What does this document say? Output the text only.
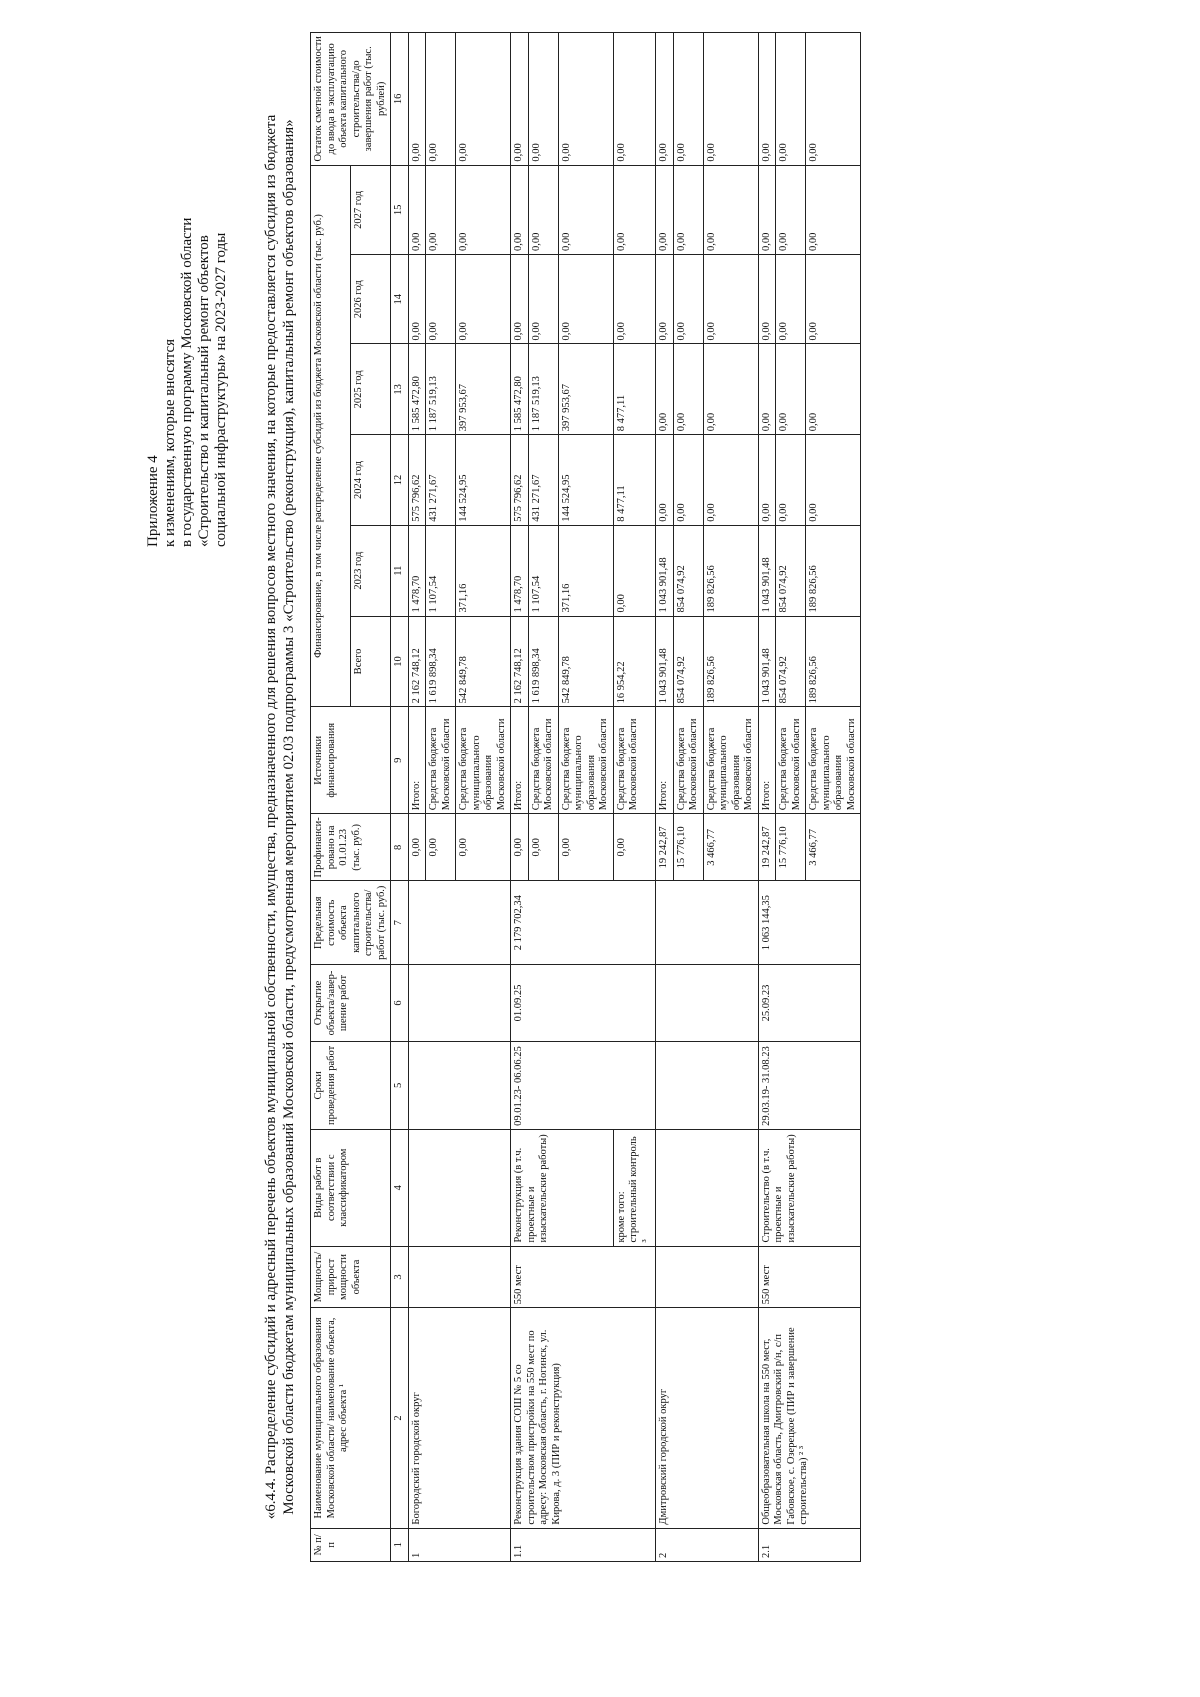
Приложение 4 к изменениям, которые вносятся в государственную программу Московской области «Строительство и капитальный ремонт объектов социальной инфраструктуры» на 2023-2027 годы «6.4.4. Распределение субсидий и адресный перечень объектов муниципальной собственности, имущества, предназначенного для решения вопросов местного значения, на которые предоставляется субсидия из бюджета Московской области бюджетам муниципальных образований Московской области, предусмотренная мероприятием 02.03 подпрограммы 3 «Строительство (реконструкция), капитальный ремонт объектов образования»
№ п/п	Наименование муниципального образования Московской области/ наименование объекта, адрес объекта ¹	Мощность/ прирост мощности объекта	Виды работ в соответствии с классификатором	Сроки проведения работ	Открытие объекта/завер-шение работ	Предельная стоимость объекта капитального строительства/ работ (тыс. руб.)	Профинанси-ровано на 01.01.23 (тыс. руб.)	Источники финансирования	Финансирование, в том числе распределение субсидий из бюджета Московской области (тыс. руб.)						Остаток сметной стоимости до ввода в эксплуатацию объекта капитального строительства/до завершения работ (тыс. рублей)
									Всего	2023 год	2024 год	2025 год	2026 год	2027 год	
1	2	3	4	5	6	7	8	9	10	11	12	13	14	15	16
1	Богородский городской округ						0,00	Итого:	2 162 748,12	1 478,70	575 796,62	1 585 472,80	0,00	0,00	0,00
							0,00	Средства бюджета Московской области	1 619 898,34	1 107,54	431 271,67	1 187 519,13	0,00	0,00	0,00
							0,00	Средства бюджета муниципального образования Московской области	542 849,78	371,16	144 524,95	397 953,67	0,00	0,00	0,00
1.1	Реконструкция здания СОШ № 5 со строительством пристройки на 550 мест по адресу: Московская область, г. Ногинск, ул. Кирова, д. 3 (ПИР и реконструкция)	550 мест	Реконструкция (в т.ч. проектные и изыскательские работы)	09.01.23- 06.06.25	01.09.25	2 179 702,34	0,00	Итого:	2 162 748,12	1 478,70	575 796,62	1 585 472,80	0,00	0,00	0,00
							0,00	Средства бюджета Московской области	1 619 898,34	1 107,54	431 271,67	1 187 519,13	0,00	0,00	0,00
							0,00	Средства бюджета муниципального образования Московской области	542 849,78	371,16	144 524,95	397 953,67	0,00	0,00	0,00
			кроме того: строительный контроль ³				0,00	Средства бюджета Московской области	16 954,22	0,00	8 477,11	8 477,11	0,00	0,00	0,00
2	Дмитровский городской округ						19 242,87	Итого:	1 043 901,48	1 043 901,48	0,00	0,00	0,00	0,00	0,00
							15 776,10	Средства бюджета Московской области	854 074,92	854 074,92	0,00	0,00	0,00	0,00	0,00
							3 466,77	Средства бюджета муниципального образования Московской области	189 826,56	189 826,56	0,00	0,00	0,00	0,00	0,00
2.1	Общеобразовательная школа на 550 мест, Московская область, Дмитровский р/н, с/п Габовское, с. Озерецкое (ПИР и завершение строительства) ² ³	550 мест	Строительство (в т.ч. проектные и изыскательские работы)	29.03.19- 31.08.23	25.09.23	1 063 144,35	19 242,87	Итого:	1 043 901,48	1 043 901,48	0,00	0,00	0,00	0,00	0,00
							15 776,10	Средства бюджета Московской области	854 074,92	854 074,92	0,00	0,00	0,00	0,00	0,00
							3 466,77	Средства бюджета муниципального образования Московской области	189 826,56	189 826,56	0,00	0,00	0,00	0,00	0,00
